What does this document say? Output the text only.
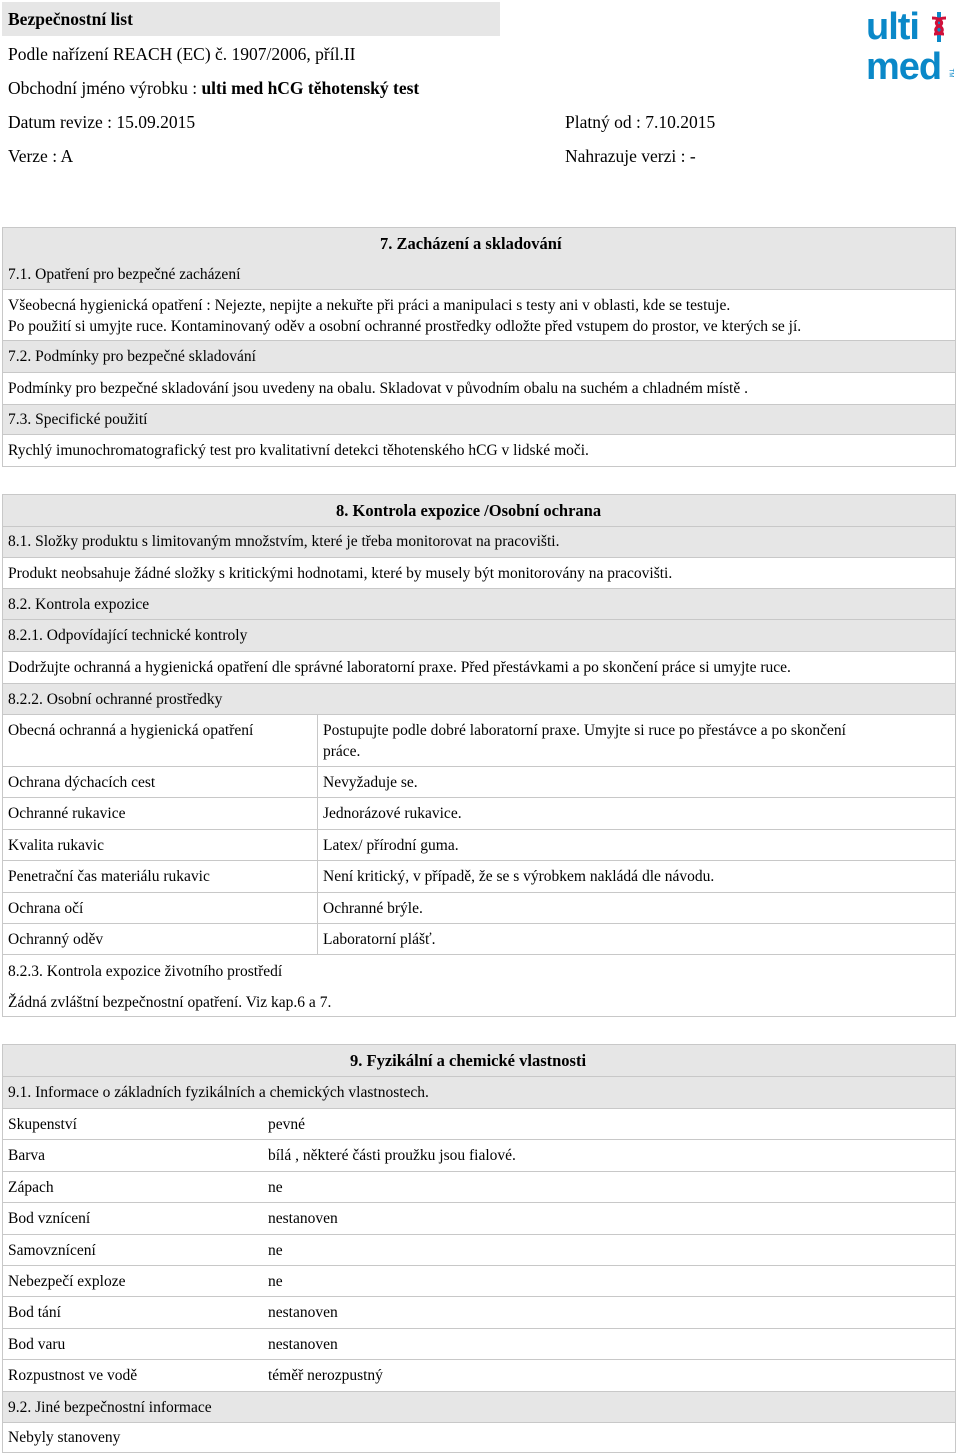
Bezpečnostní list
Podle nařízení REACH (EC) č. 1907/2006, příl.II
Obchodní jméno výrobku : ulti med hCG těhotenský test
Datum revize : 15.09.2015	Platný od : 7.10.2015
Verze : A	Nahrazuje verzi : -
ulti
med TM
7. Zacházení a skladování
7.1. Opatření pro bezpečné zacházení
Všeobecná hygienická opatření : Nejezte, nepijte a nekuřte při práci a manipulaci s testy ani v oblasti, kde se testuje.
Po použití si umyjte ruce. Kontaminovaný oděv a osobní ochranné prostředky odložte před vstupem do prostor, ve kterých se jí.
7.2. Podmínky pro bezpečné skladování
Podmínky pro bezpečné skladování jsou uvedeny na obalu. Skladovat v původním obalu na suchém a chladném místě .
7.3. Specifické použití
Rychlý imunochromatografický test pro kvalitativní detekci těhotenského hCG v lidské moči.
8. Kontrola expozice /Osobní ochrana
8.1. Složky produktu s limitovaným množstvím, které je třeba monitorovat na pracovišti.
Produkt neobsahuje žádné složky s kritickými hodnotami, které by musely být monitorovány na pracovišti.
8.2. Kontrola expozice
8.2.1. Odpovídající technické kontroly
Dodržujte ochranná a hygienická opatření dle správné laboratorní praxe. Před přestávkami a po skončení práce si umyjte ruce.
8.2.2. Osobní ochranné prostředky
Obecná ochranná a hygienická opatření	Postupujte podle dobré laboratorní praxe. Umyjte si ruce po přestávce a po skončení
práce.
Ochrana dýchacích cest	Nevyžaduje se.
Ochranné rukavice	Jednorázové rukavice.
Kvalita rukavic	Latex/ přírodní guma.
Penetrační čas materiálu rukavic	Není kritický, v případě, že se s výrobkem nakládá dle návodu.
Ochrana očí	Ochranné brýle.
Ochranný oděv	Laboratorní plášť.
8.2.3. Kontrola expozice životního prostředí
Žádná zvláštní bezpečnostní opatření. Viz kap.6 a 7.
9. Fyzikální a chemické vlastnosti
9.1. Informace o základních fyzikálních a chemických vlastnostech.
Skupenství	pevné
Barva	bílá , některé části proužku jsou fialové.
Zápach	ne
Bod vznícení	nestanoven
Samovznícení	ne
Nebezpečí exploze	ne
Bod tání	nestanoven
Bod varu	nestanoven
Rozpustnost ve vodě	téměř nerozpustný
9.2. Jiné bezpečnostní informace
Nebyly stanoveny
